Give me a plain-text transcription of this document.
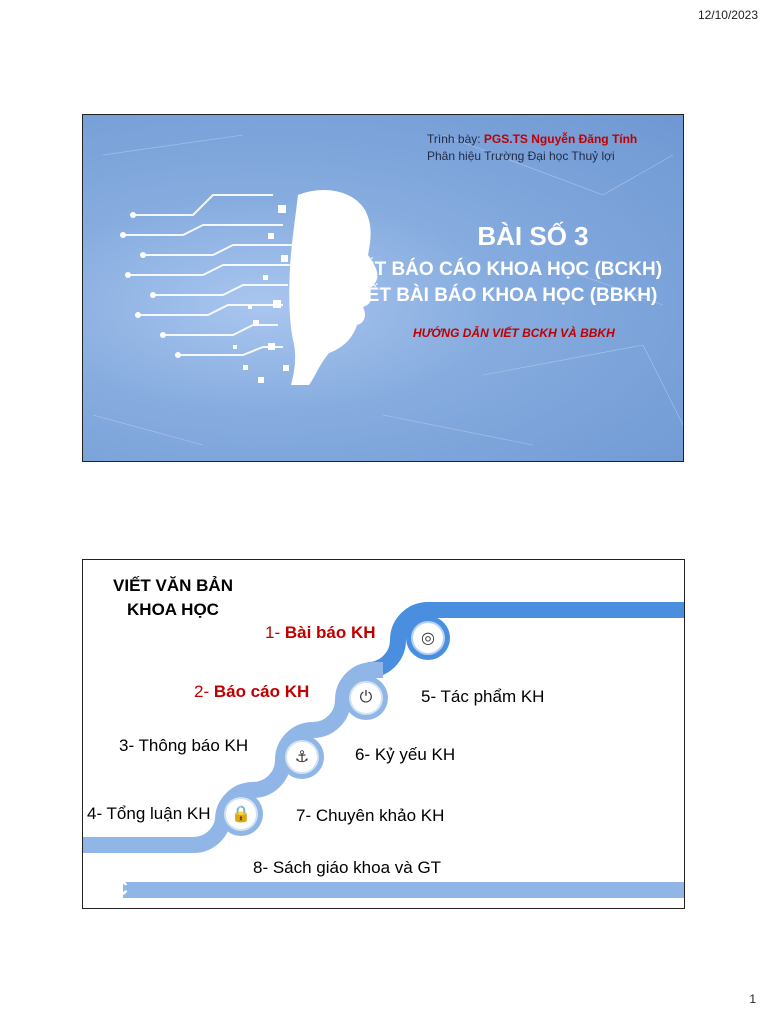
12/10/2023
Trình bày: PGS.TS Nguyễn Đăng Tính
Phân hiệu Trường Đại học Thuỷ lợi
BÀI SỐ 3
VIẾT BÁO CÁO KHOA HỌC (BCKH)
VIẾT BÀI BÁO KHOA HỌC (BBKH)
HƯỚNG DẪN VIẾT BCKH VÀ BBKH
◎
⏻
⚓
🔒
VIẾT VĂN BẢN KHOA HỌC
1- Bài báo KH
2- Báo cáo KH
3- Thông báo KH
4- Tổng luận KH
5- Tác phẩm KH
6- Kỷ yếu KH
7- Chuyên khảo KH
8- Sách giáo khoa và GT
AC
1
